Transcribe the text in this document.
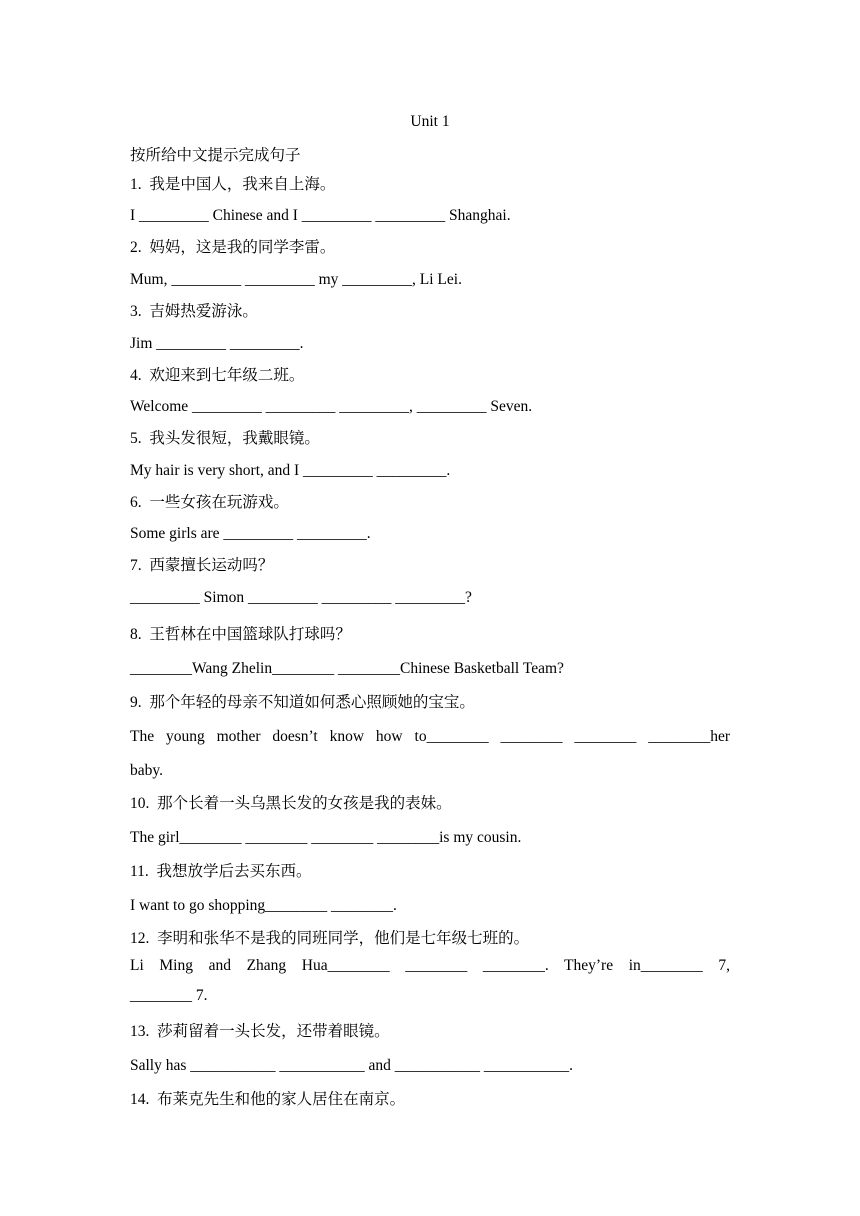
Unit 1
按所给中文提示完成句子
1.  我是中国人，我来自上海。
I _________ Chinese and I _________ _________ Shanghai.
2.  妈妈，这是我的同学李雷。
Mum, _________ _________ my _________, Li Lei.
3.  吉姆热爱游泳。
Jim _________ _________.
4.  欢迎来到七年级二班。
Welcome _________ _________ _________, _________ Seven.
5.  我头发很短，我戴眼镜。
My hair is very short, and I _________ _________.
6.  一些女孩在玩游戏。
Some girls are _________ _________.
7.  西蒙擅长运动吗？
_________ Simon _________ _________ _________?
8.  王哲林在中国篮球队打球吗？
________Wang Zhelin________ ________Chinese Basketball Team?
9.  那个年轻的母亲不知道如何悉心照顾她的宝宝。
The young mother doesn’t know how to________ ________ ________ ________her
baby.
10.  那个长着一头乌黑长发的女孩是我的表妹。
The girl________ ________ ________ ________is my cousin.
11.  我想放学后去买东西。
I want to go shopping________ ________.
12.  李明和张华不是我的同班同学，他们是七年级七班的。
Li Ming and Zhang Hua________ ________ ________. They’re in________ 7,
________ 7.
13.  莎莉留着一头长发，还带着眼镜。
Sally has ___________ ___________ and ___________ ___________.
14.  布莱克先生和他的家人居住在南京。
